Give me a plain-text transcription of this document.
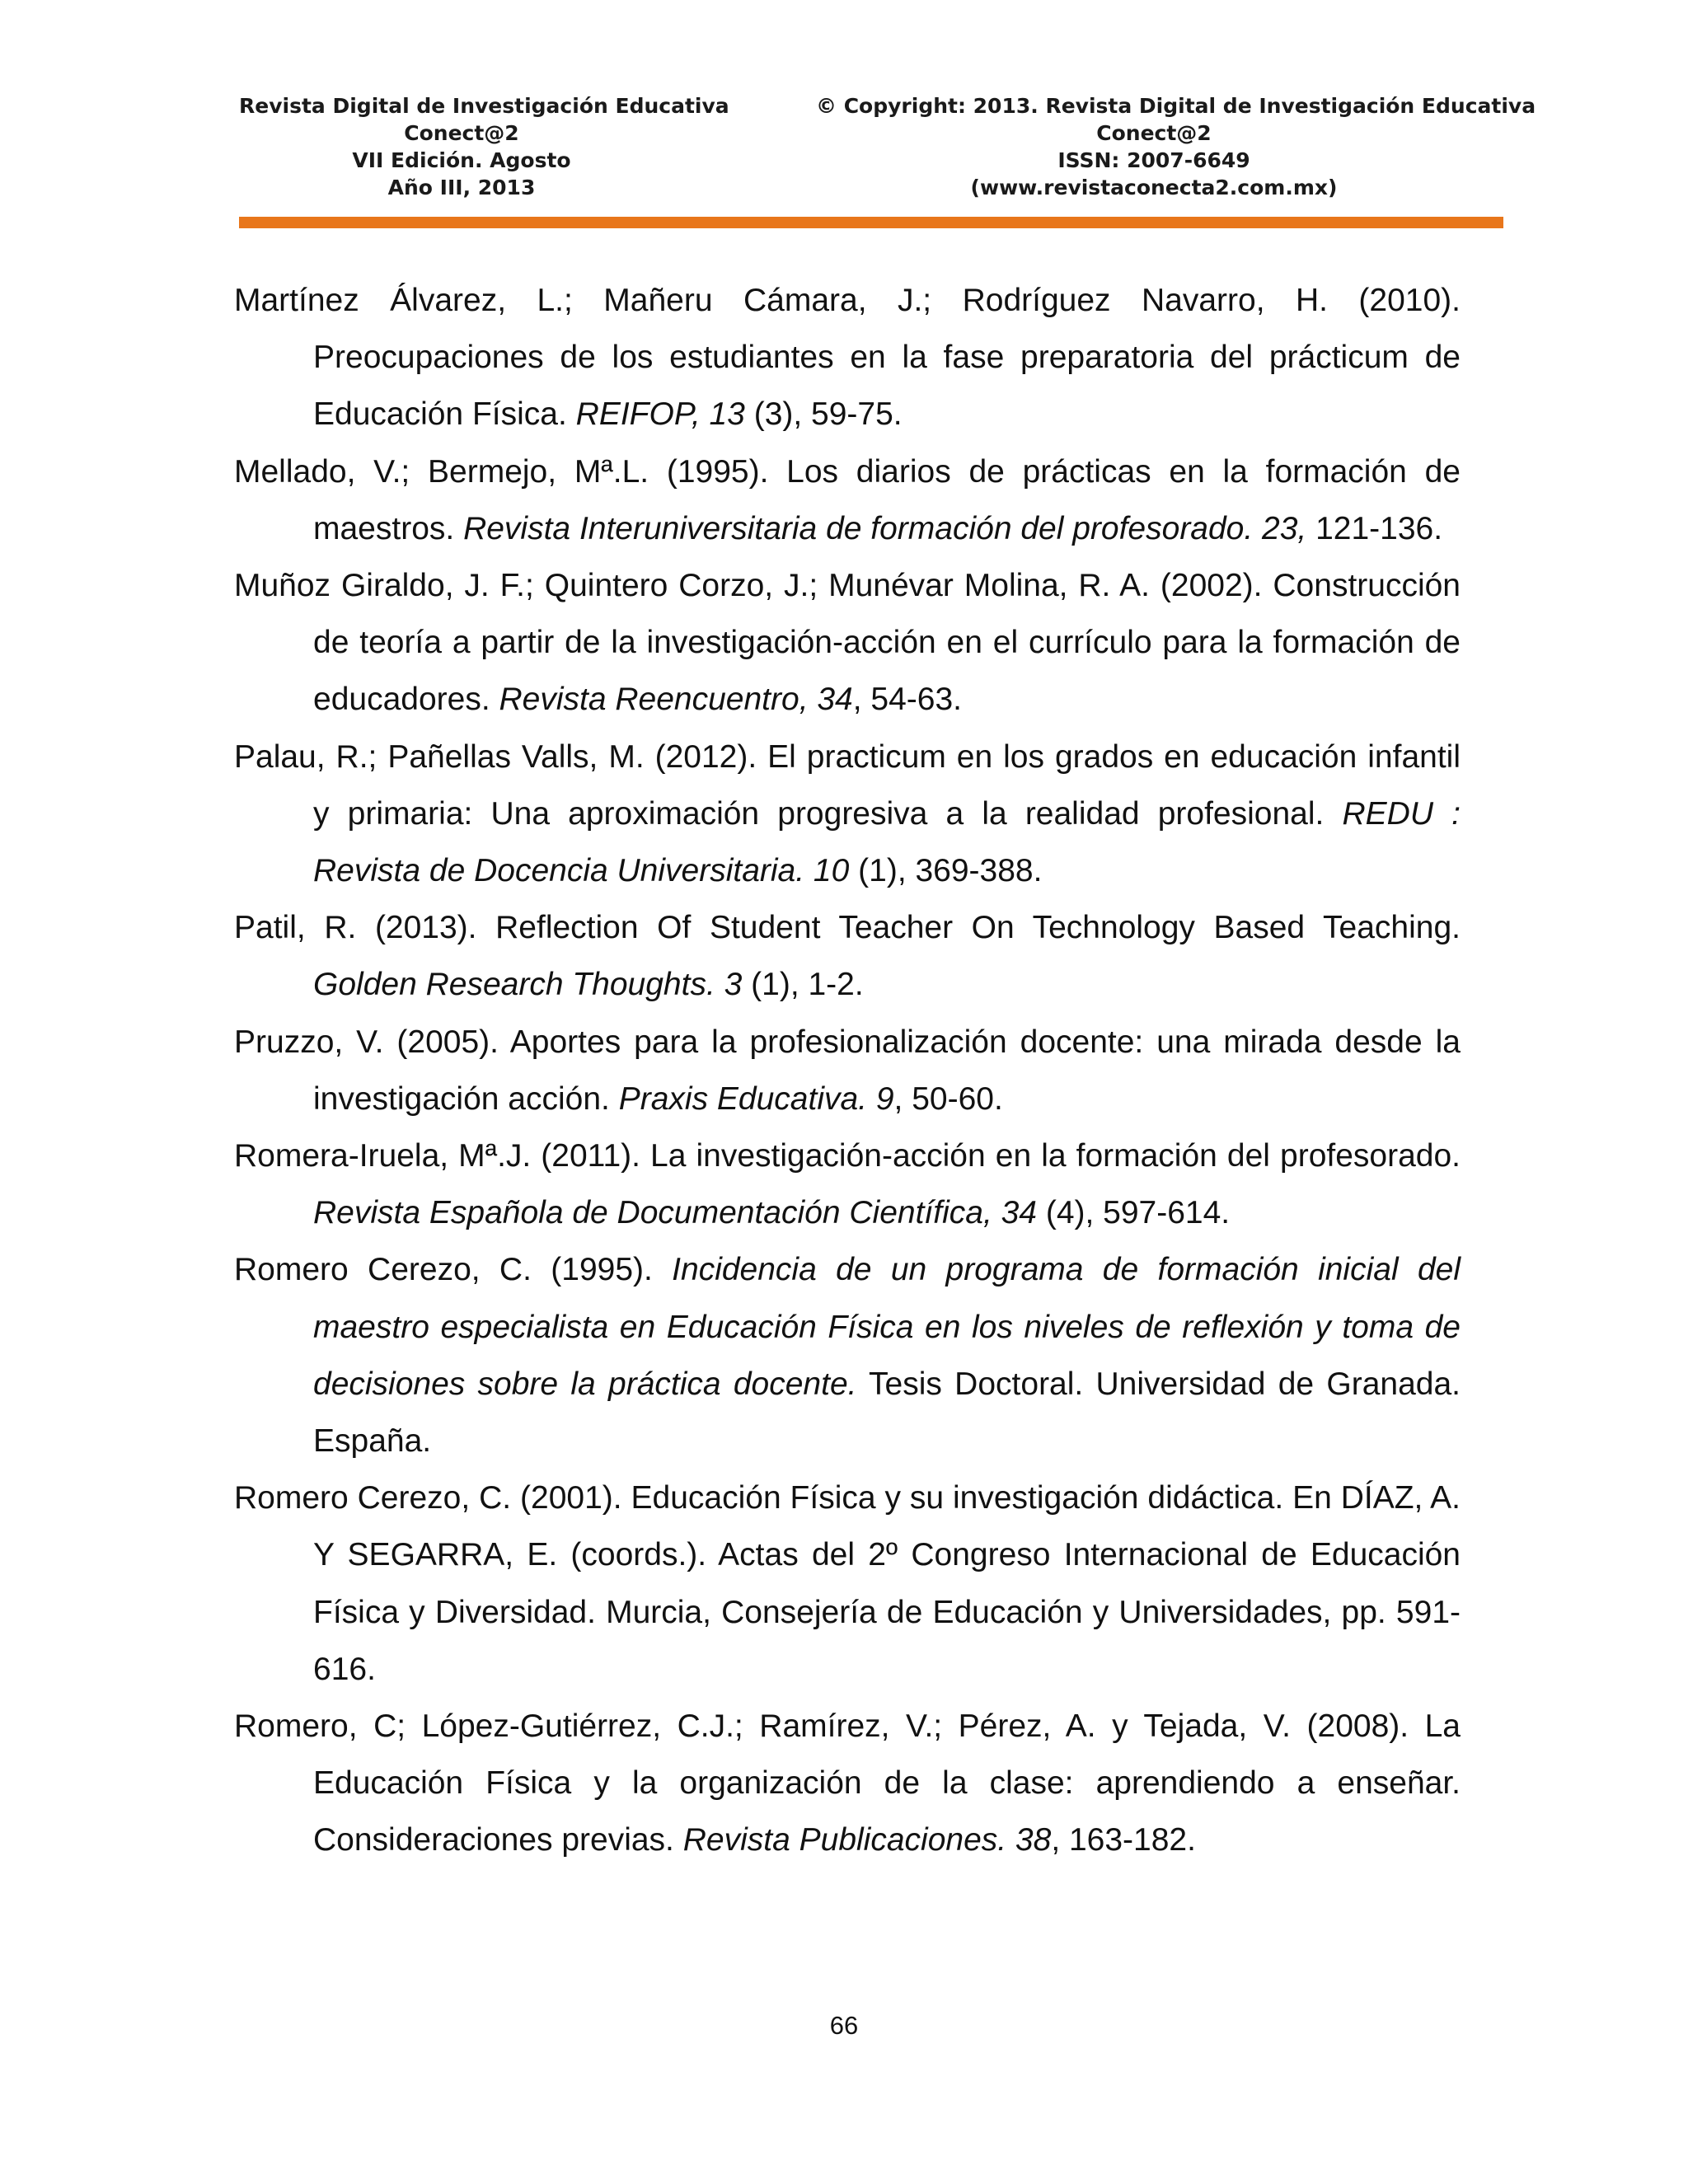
Revista Digital de Investigación Educativa
Conect@2
VII Edición. Agosto
Año III, 2013
© Copyright: 2013. Revista Digital de Investigación Educativa
Conect@2
ISSN: 2007-6649
(www.revistaconecta2.com.mx)

Martínez Álvarez, L.; Mañeru Cámara, J.; Rodríguez Navarro, H. (2010). Preocupaciones de los estudiantes en la fase preparatoria del prácticum de Educación Física. REIFOP, 13 (3), 59-75.

Mellado, V.; Bermejo, Mª.L. (1995). Los diarios de prácticas en la formación de maestros. Revista Interuniversitaria de formación del profesorado. 23, 121-136.

Muñoz Giraldo, J. F.; Quintero Corzo, J.; Munévar Molina, R. A. (2002). Construcción de teoría a partir de la investigación-acción en el currículo para la formación de educadores. Revista Reencuentro, 34, 54-63.

Palau, R.; Pañellas Valls, M. (2012). El practicum en los grados en educación infantil y primaria: Una aproximación progresiva a la realidad profesional. REDU : Revista de Docencia Universitaria. 10 (1), 369-388.

Patil, R. (2013). Reflection Of Student Teacher On Technology Based Teaching. Golden Research Thoughts. 3 (1), 1-2.

Pruzzo, V. (2005). Aportes para la profesionalización docente: una mirada desde la investigación acción. Praxis Educativa. 9, 50-60.

Romera-Iruela, Mª.J. (2011). La investigación-acción en la formación del profesorado. Revista Española de Documentación Científica, 34 (4), 597-614.

Romero Cerezo, C. (1995). Incidencia de un programa de formación inicial del maestro especialista en Educación Física en los niveles de reflexión y toma de decisiones sobre la práctica docente. Tesis Doctoral. Universidad de Granada. España.

Romero Cerezo, C. (2001). Educación Física y su investigación didáctica. En DÍAZ, A. Y SEGARRA, E. (coords.). Actas del 2º Congreso Internacional de Educación Física y Diversidad. Murcia, Consejería de Educación y Universidades, pp. 591-616.

Romero, C; López-Gutiérrez, C.J.; Ramírez, V.; Pérez, A. y Tejada, V. (2008). La Educación Física y la organización de la clase: aprendiendo a enseñar. Consideraciones previas. Revista Publicaciones. 38, 163-182.

66
